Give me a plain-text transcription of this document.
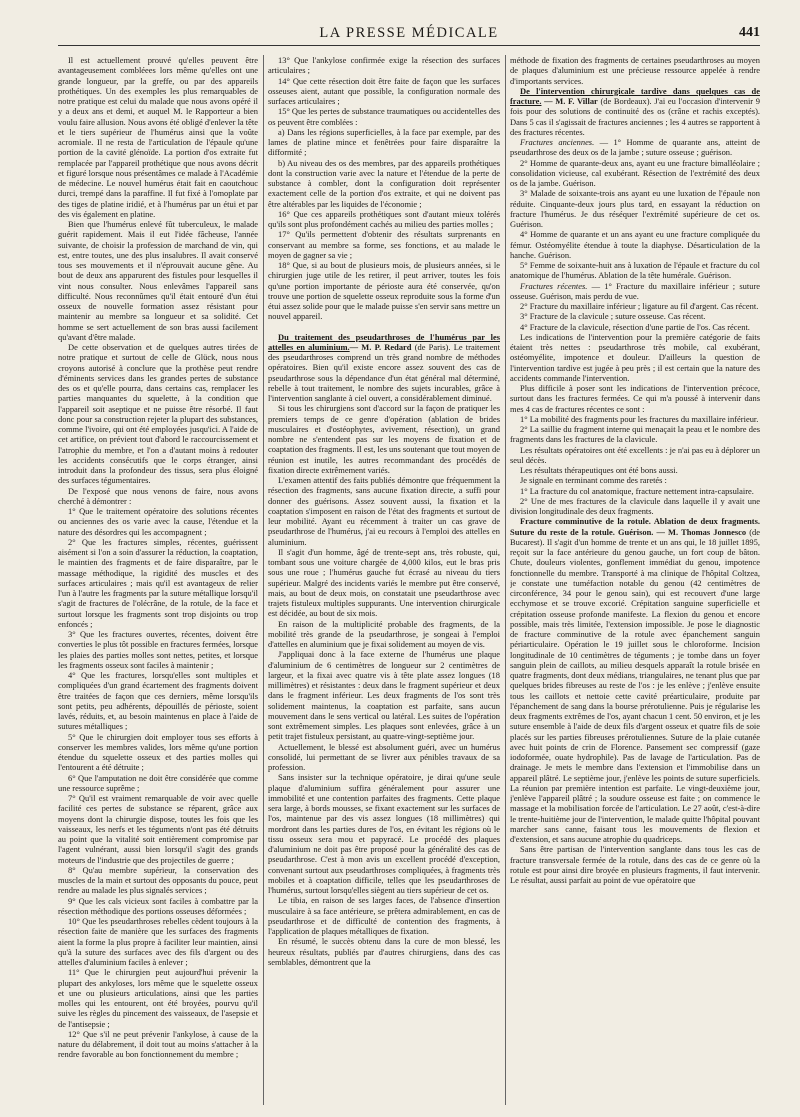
LA PRESSE MÉDICALE	441

Il est actuellement prouvé qu'elles peuvent être avantageusement combléees lors même qu'elles ont une grande longueur, par la greffe, ou par des appareils prothétiques. Un des exemples les plus remarquables de notre pratique est celui du malade que nous avons opéré il y a deux ans et demi, et auquel M. le Rapporteur a bien voulu faire allusion. Nous avons été obligé d'enlever la tête et le tiers supérieur de l'humérus ainsi que la voûte acromiale. Il ne resta de l'articulation de l'épaule qu'une portion de la cavité glénoïde. La portion d'os extraite fut remplacée par l'appareil prothétique que nous avons décrit et figuré lorsque nous présentâmes ce malade à l'Académie de médecine. Le nouvel humérus était fait en caoutchouc durci, trempé dans la paraffine. Il fut fixé à l'omoplate par des tiges de platine iridié, et à l'humérus par un étui et par des vis également en platine.

Bien que l'humérus enlevé fût tuberculeux, le malade guérit rapidement. Mais il eut l'idée fâcheuse, l'année suivante, de choisir la profession de marchand de vin, qui est, entre toutes, une des plus insalubres. Il avait conservé tous ses mouvements et il n'éprouvait aucune gêne. Au bout de deux ans apparurent des fistules pour lesquelles il vint nous consulter. Nous enlevâmes l'appareil sans difficulté. Nous reconnûmes qu'il était entouré d'un étui osseux de nouvelle formation assez résistant pour maintenir au membre sa longueur et sa solidité. Cet homme se sert actuellement de son bras aussi facilement qu'avant d'être malade.

De cette observation et de quelques autres tirées de notre pratique et surtout de celle de Glück, nous nous croyons autorisé à conclure que la prothèse peut rendre d'éminents services dans les grandes pertes de substance des os et qu'elle pourra, dans certains cas, remplacer les parties manquantes du squelette, à la condition que l'appareil soit aseptique et ne puisse être résorbé. Il faut donc pour sa construction rejeter la plupart des substances, comme l'ivoire, qui ont été employées jusqu'ici. A l'aide de cet artifice, on prévient tout d'abord le raccourcissement et l'atrophie du membre, et l'on a d'autant moins à redouter les accidents consécutifs que le corps étranger, ainsi introduit dans la profondeur des tissus, sera plus éloigné des surfaces tégumentaires.

De l'exposé que nous venons de faire, nous avons cherché à démontrer :

1° Que le traitement opératoire des solutions récentes ou anciennes des os varie avec la cause, l'étendue et la nature des désordres qui les accompagnent ;

2° Que les fractures simples, récentes, guérissent aisément si l'on a soin d'assurer la réduction, la coaptation, le maintien des fragments et de faire disparaître, par le massage méthodique, la rigidité des muscles et des surfaces articulaires ; mais qu'il est avantageux de relier l'un à l'autre les fragments par la suture métallique lorsqu'il s'agit de fractures de l'olécrâne, de la rotule, de la face et surtout lorsque les fragments sont trop disjoints ou trop enfoncés ;

3° Que les fractures ouvertes, récentes, doivent être converties le plus tôt possible en fractures fermées, lorsque les plaies des parties molles sont nettes, petites, et lorsque les fragments osseux sont faciles à maintenir ;

4° Que les fractures, lorsqu'elles sont multiples et compliquées d'un grand écartement des fragments doivent être traitées de façon que ces derniers, même lorsqu'ils sont petits, peu adhérents, dépouillés de périoste, soient lavés, réduits, et, au besoin maintenus en place à l'aide de sutures métalliques ;

5° Que le chirurgien doit employer tous ses efforts à conserver les membres valides, lors même qu'une portion étendue du squelette osseux et des parties molles qui l'entourent a été détruite ;

6° Que l'amputation ne doit être considérée que comme une ressource suprême ;

7° Qu'il est vraiment remarquable de voir avec quelle facilité ces pertes de substance se réparent, grâce aux moyens dont la chirurgie dispose, toutes les fois que les vaisseaux, les nerfs et les téguments n'ont pas été détruits au point que la vitalité soit entièrement compromise par l'agent vulnérant, aussi bien lorsqu'il s'agit des grands moteurs de l'industrie que des projectiles de guerre ;

8° Qu'au membre supérieur, la conservation des muscles de la main et surtout des opposants du pouce, peut rendre au malade les plus signalés services ;

9° Que les cals vicieux sont faciles à combattre par la résection méthodique des portions osseuses déformées ;

10° Que les pseudarthroses rebelles cèdent toujours à la résection faite de manière que les surfaces des fragments aient la forme la plus propre à faciliter leur maintien, ainsi qu'à la suture des surfaces avec des fils d'argent ou des attelles d'aluminium faciles à enlever ;

11° Que le chirurgien peut aujourd'hui prévenir la plupart des ankyloses, lors même que le squelette osseux et une ou plusieurs articulations, ainsi que les parties molles qui les entourent, ont été broyées, pourvu qu'il suive les règles du pincement des vaisseaux, de l'asepsie et de l'antisepsie ;

12° Que s'il ne peut prévenir l'ankylose, à cause de la nature du délabrement, il doit tout au moins s'attacher à la rendre favorable au bon fonctionnement du membre ;

13° Que l'ankylose confirmée exige la résection des surfaces articulaires ;

14° Que cette résection doit être faite de façon que les surfaces osseuses aient, autant que possible, la configuration normale des surfaces articulaires ;

15° Que les pertes de substance traumatiques ou accidentelles des os peuvent être comblées :

a) Dans les régions superficielles, à la face par exemple, par des lames de platine mince et fenêtrées pour faire disparaître la difformité ;

b) Au niveau des os des membres, par des appareils prothétiques dont la construction varie avec la nature et l'étendue de la perte de substance à combler, dont la configuration doit représenter exactement celle de la portion d'os extraite, et qui ne doivent pas être altérables par les liquides de l'économie ;

16° Que ces appareils prothétiques sont d'autant mieux tolérés qu'ils sont plus profondément cachés au milieu des parties molles ;

17° Qu'ils permettent d'obtenir des résultats surprenants en conservant au membre sa forme, ses fonctions, et au malade le moyen de gagner sa vie ;

18° Que, si au bout de plusieurs mois, de plusieurs années, si le chirurgien juge utile de les retirer, il peut arriver, toutes les fois qu'une portion importante de périoste aura été conservée, qu'on trouve une portion de squelette osseux reproduite sous la forme d'un étui assez solide pour que le malade puisse s'en servir sans mettre un nouvel appareil.

Du traitement des pseudarthroses de l'humérus par les attelles en aluminium.— M. P. Redard (de Paris). Le traitement des pseudarthroses comprend un très grand nombre de méthodes opératoires. Bien qu'il existe encore assez souvent des cas de pseudarthrose sous la dépendance d'un état général mal déterminé, rebelle à tout traitement, le nombre des sujets incurables, grâce à l'intervention sanglante à ciel ouvert, a considérablement diminué.

Si tous les chirurgiens sont d'accord sur la façon de pratiquer les premiers temps de ce genre d'opération (ablation de brides musculaires et d'ostéophytes, avivement, résection), un grand nombre ne s'entendent pas sur les moyens de fixation et de coaptation des fragments. Il est, les uns soutenant que tout moyen de réunion est inutile, les autres recommandant des procédés de fixation directe extrêmement variés.

L'examen attentif des faits publiés démontre que fréquemment la résection des fragments, sans aucune fixation directe, a suffi pour donner des guérisons. Assez souvent aussi, la fixation et la coaptation s'imposent en raison de l'état des fragments et surtout de leur mobilité. Ayant eu récemment à traiter un cas grave de pseudarthrose de l'humérus, j'ai eu recours à l'emploi des attelles en aluminium.

Il s'agit d'un homme, âgé de trente-sept ans, très robuste, qui, tombant sous une voiture chargée de 4,000 kilos, eut le bras pris sous une roue ; l'humérus gauche fut écrasé au niveau du tiers supérieur. Malgré des incidents variés le membre put être conservé, mais, au bout de deux mois, on constatait une pseudarthrose avec trajets fistuleux multiples suppurants. Une intervention chirurgicale est décidée, au bout de six mois.

En raison de la multiplicité probable des fragments, de la mobilité très grande de la pseudarthrose, je songeai à l'emploi d'attelles en aluminium que je fixai solidement au moyen de vis.

J'appliquai donc à la face externe de l'humérus une plaque d'aluminium de 6 centimètres de longueur sur 2 centimètres de largeur, et la fixai avec quatre vis à tête plate assez longues (18 millimètres) et résistantes : deux dans le fragment supérieur et deux dans le fragment inférieur. Les deux fragments de l'os sont très solidement maintenus, la coaptation est parfaite, sans aucun mouvement dans le sens vertical ou latéral. Les suites de l'opération sont extrêmement simples. Les plaques sont enlevées, grâce à un petit trajet fistuleux persistant, au quatre-vingt-septième jour.

Actuellement, le blessé est absolument guéri, avec un humérus consolidé, lui permettant de se livrer aux pénibles travaux de sa profession.

Sans insister sur la technique opératoire, je dirai qu'une seule plaque d'aluminium suffira généralement pour assurer une immobilité et une contention parfaites des fragments. Cette plaque sera large, à bords mousses, se fixant exactement sur les surfaces de l'os, maintenue par des vis assez longues (18 millimètres) qui mordront dans les parties dures de l'os, en évitant les régions où le tissu osseux sera mou et papyracé. Le procédé des plaques d'aluminium ne doit pas être proposé pour la généralité des cas de pseudarthrose. C'est à mon avis un excellent procédé d'exception, convenant surtout aux pseudarthroses compliquées, à fragments très mobiles et à coaptation difficile, telles que les pseudarthroses de l'humérus, surtout lorsqu'elles siègent au tiers supérieur de cet os.

Le tibia, en raison de ses larges faces, de l'absence d'insertion musculaire à sa face antérieure, se prêtera admirablement, en cas de pseudarthrose et de difficulté de contention des fragments, à l'application de plaques métalliques de fixation.

En résumé, le succès obtenu dans la cure de mon blessé, les heureux résultats, publiés par d'autres chirurgiens, dans des cas semblables, démontrent que la

méthode de fixation des fragments de certaines pseudarthroses au moyen de plaques d'aluminium est une précieuse ressource appelée à rendre d'importants services.

De l'intervention chirurgicale tardive dans quelques cas de fracture. — M. F. Villar (de Bordeaux). J'ai eu l'occasion d'intervenir 9 fois pour des solutions de continuité des os (crâne et rachis exceptés). Dans 5 cas il s'agissait de fractures anciennes ; les 4 autres se rapportent à des fractures récentes.

Fractures anciennes. — 1° Homme de quarante ans, atteint de pseudarthrose des deux os de la jambe ; suture osseuse ; guérison.

2° Homme de quarante-deux ans, ayant eu une fracture bimalléolaire ; consolidation vicieuse, cal exubérant. Résection de l'extrémité des deux os de la jambe. Guérison.

3° Malade de soixante-trois ans ayant eu une luxation de l'épaule non réduite. Cinquante-deux jours plus tard, en essayant la réduction on fracture l'humérus. Je dus réséquer l'extrémité supérieure de cet os. Guérison.

4° Homme de quarante et un ans ayant eu une fracture compliquée du fémur. Ostéomyélite étendue à toute la diaphyse. Désarticulation de la hanche. Guérison.

5° Femme de soixante-huit ans à luxation de l'épaule et fracture du col anatomique de l'humérus. Ablation de la tête humérale. Guérison.

Fractures récentes. — 1° Fracture du maxillaire inférieur ; suture osseuse. Guérison, mais perdu de vue.

2° Fracture du maxillaire inférieur ; ligature au fil d'argent. Cas récent.

3° Fracture de la clavicule ; suture osseuse. Cas récent.

4° Fracture de la clavicule, résection d'une partie de l'os. Cas récent.

Les indications de l'intervention pour la première catégorie de faits étaient très nettes : pseudarthrose très mobile, cal exubérant, ostéomyélite, impotence et douleur. D'ailleurs la question de l'intervention tardive est jugée à peu près ; il est certain que la nature des accidents commande l'intervention.

Plus difficile à poser sont les indications de l'intervention précoce, surtout dans les fractures fermées. Ce qui m'a poussé à intervenir dans mes 4 cas de fractures récentes ce sont :

1° La mobilité des fragments pour les fractures du maxillaire inférieur.

2° La saillie du fragment interne qui menaçait la peau et le nombre des fragments dans les fractures de la clavicule.

Les résultats opératoires ont été excellents : je n'ai pas eu à déplorer un seul décès.

Les résultats thérapeutiques ont été bons aussi.

Je signale en terminant comme des raretés :

1° La fracture du col anatomique, fracture nettement intra-capsulaire.

2° Une de mes fractures de la clavicule dans laquelle il y avait une division longitudinale des deux fragments.

Fracture comminutive de la rotule. Ablation de deux fragments. Suture du reste de la rotule. Guérison. — M. Thomas Jonnesco (de Bucarest). Il s'agit d'un homme de trente et un ans qui, le 18 juillet 1895, reçoit sur la face antérieure du genou gauche, un fort coup de bâton. Chute, douleurs violentes, gonflement immédiat du genou, impotence fonctionnelle du membre. Transporté à ma clinique de l'hôpital Coltzea, je constate une tuméfaction notable du genou (42 centimètres de circonférence, 34 pour le genou sain), qui est recouvert d'une large ecchymose et se trouve excorié. Crépitation sanguine superficielle et crépitation osseuse profonde manifeste. La flexion du genou et encore possible, mais très limitée, l'extension impossible. Je pose le diagnostic de fracture comminutive de la rotule avec épanchement sanguin périarticulaire. Opération le 19 juillet sous le chloroforme. Incision longitudinale de 10 centimètres de téguments ; je tombe dans un foyer sanguin plein de caillots, au milieu desquels apparaît la rotule brisée en quatre fragments, dont deux médians, triangulaires, ne tenant plus que par quelques brides fibreuses au reste de l'os : je les enlève ; j'enlève ensuite tous les caillots et nettoie cette cavité préarticulaire, produite par l'épanchement de sang dans la bourse prérotulienne. Puis je régularise les deux fragments extrêmes de l'os, ayant chacun 1 cent. 50 environ, et je les suture ensemble à l'aide de deux fils d'argent osseux et quatre fils de soie placés sur les parties fibreuses prérotuliennes. Suture de la plaie cutanée avec huit points de crin de Florence. Pansement sec compressif (gaze iodoformée, ouate hydrophile). Pas de lavage de l'articulation. Pas de drainage. Je mets le membre dans l'extension et l'immobilise dans un appareil plâtré. Le septième jour, j'enlève les points de suture superficiels. La réunion par première intention est parfaite. Le vingt-deuxième jour, j'enlève l'appareil plâtré ; la soudure osseuse est faite ; on commence le massage et la mobilisation forcée de l'articulation. Le 27 août, c'est-à-dire le trente-huitième jour de l'intervention, le malade quitte l'hôpital pouvant marcher sans canne, faisant tous les mouvements de flexion et d'extension, et sans aucune atrophie du quadriceps.

Sans être partisan de l'intervention sanglante dans tous les cas de fracture transversale fermée de la rotule, dans des cas de ce genre où la rotule est pour ainsi dire broyée en plusieurs fragments, il faut intervenir. Le résultat, aussi parfait au point de vue opératoire que
